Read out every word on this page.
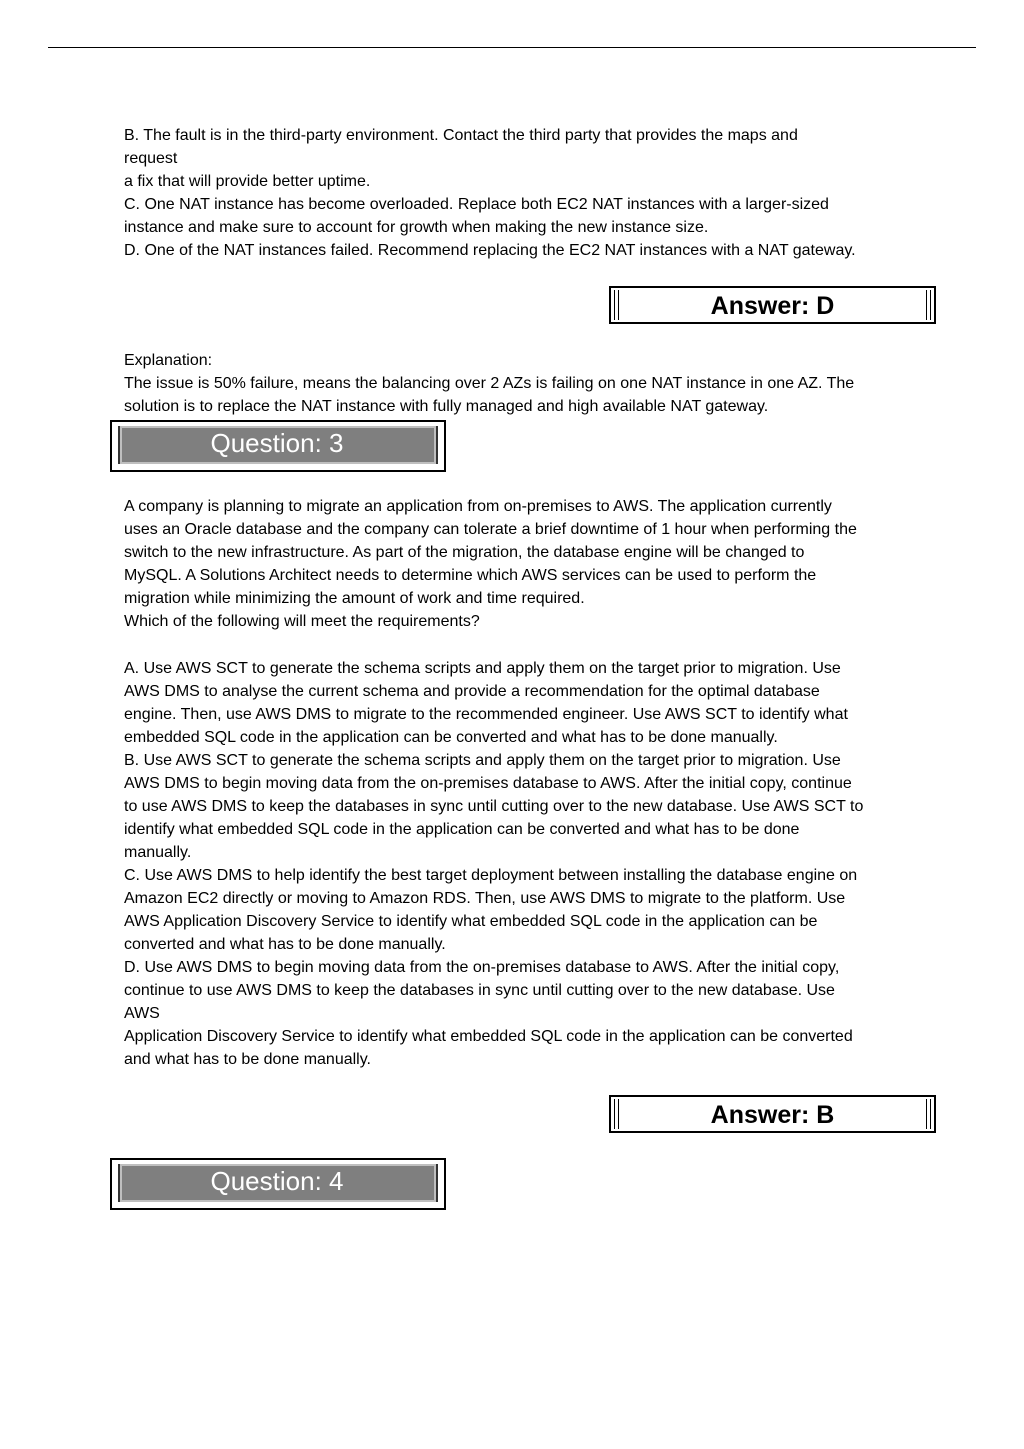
B. The fault is in the third-party environment. Contact the third party that provides the maps and
request
a fix that will provide better uptime.
C. One NAT instance has become overloaded. Replace both EC2 NAT instances with a larger-sized
instance and make sure to account for growth when making the new instance size.
D. One of the NAT instances failed. Recommend replacing the EC2 NAT instances with a NAT gateway.
Answer: D
Explanation:
The issue is 50% failure, means the balancing over 2 AZs is failing on one NAT instance in one AZ. The
solution is to replace the NAT instance with fully managed and high available NAT gateway.
Question: 3
A company is planning to migrate an application from on-premises to AWS. The application currently
uses an Oracle database and the company can tolerate a brief downtime of 1 hour when performing the
switch to the new infrastructure. As part of the migration, the database engine will be changed to
MySQL. A Solutions Architect needs to determine which AWS services can be used to perform the
migration while minimizing the amount of work and time required.
Which of the following will meet the requirements?
A. Use AWS SCT to generate the schema scripts and apply them on the target prior to migration. Use
AWS DMS to analyse the current schema and provide a recommendation for the optimal database
engine. Then, use AWS DMS to migrate to the recommended engineer. Use AWS SCT to identify what
embedded SQL code in the application can be converted and what has to be done manually.
B. Use AWS SCT to generate the schema scripts and apply them on the target prior to migration. Use
AWS DMS to begin moving data from the on-premises database to AWS. After the initial copy, continue
to use AWS DMS to keep the databases in sync until cutting over to the new database. Use AWS SCT to
identify what embedded SQL code in the application can be converted and what has to be done
manually.
C. Use AWS DMS to help identify the best target deployment between installing the database engine on
Amazon EC2 directly or moving to Amazon RDS. Then, use AWS DMS to migrate to the platform. Use
AWS Application Discovery Service to identify what embedded SQL code in the application can be
converted and what has to be done manually.
D. Use AWS DMS to begin moving data from the on-premises database to AWS. After the initial copy,
continue to use AWS DMS to keep the databases in sync until cutting over to the new database. Use
AWS
Application Discovery Service to identify what embedded SQL code in the application can be converted
and what has to be done manually.
Answer: B
Question: 4
